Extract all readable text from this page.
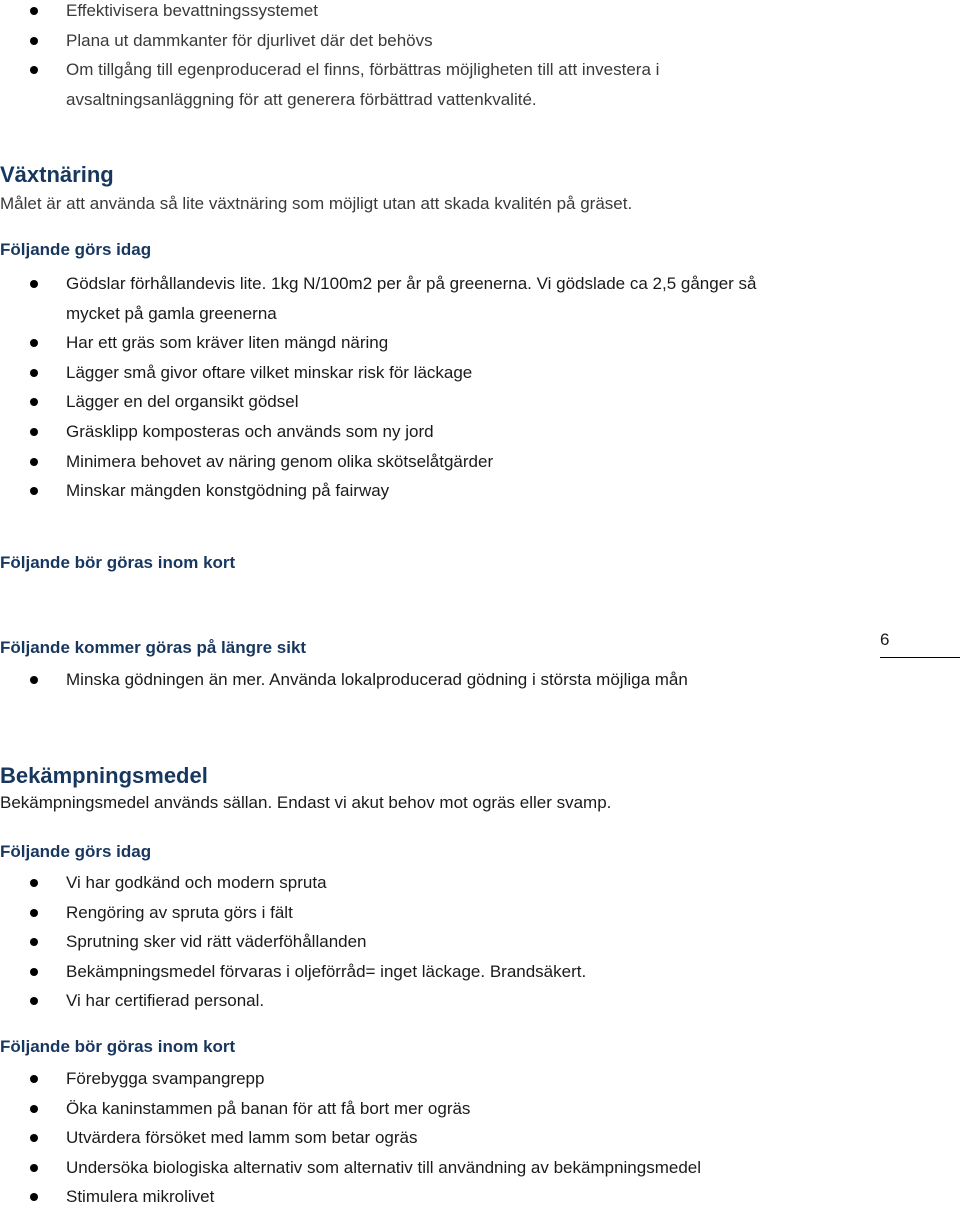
Effektivisera bevattningssystemet
Plana ut dammkanter för djurlivet där det behövs
Om tillgång till egenproducerad el finns, förbättras möjligheten till att investera i
avsaltningsanläggning för att generera förbättrad vattenkvalité.
Växtnäring
Målet är att använda så lite växtnäring som möjligt utan att skada kvalitén på gräset.
Följande görs idag
Gödslar förhållandevis lite. 1kg N/100m2 per år på greenerna. Vi gödslade ca 2,5 gånger så
mycket på gamla greenerna
Har ett gräs som kräver liten mängd näring
Lägger små givor oftare vilket minskar risk för läckage
Lägger en del organsikt gödsel
Gräsklipp komposteras och används som ny jord
Minimera behovet av näring genom olika skötselåtgärder
Minskar mängden konstgödning på fairway
Följande bör göras inom kort
Följande kommer göras på längre sikt
Minska gödningen än mer. Använda lokalproducerad gödning i största möjliga mån
6
Bekämpningsmedel
Bekämpningsmedel används sällan. Endast vi akut behov mot ogräs eller svamp.
Följande görs idag
Vi har godkänd och modern spruta
Rengöring av spruta görs i fält
Sprutning sker vid rätt väderföhållanden
Bekämpningsmedel förvaras i oljeförråd= inget läckage. Brandsäkert.
Vi har certifierad personal.
Följande bör göras inom kort
Förebygga svampangrepp
Öka kaninstammen på banan för att få bort mer ogräs
Utvärdera försöket med lamm som betar ogräs
Undersöka biologiska alternativ som alternativ till användning av bekämpningsmedel
Stimulera mikrolivet
